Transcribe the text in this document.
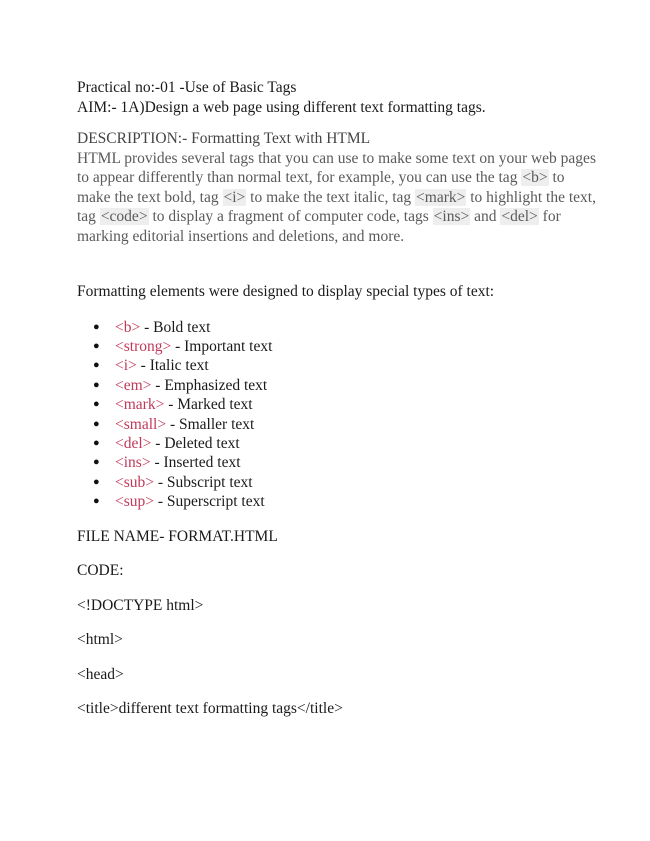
Practical no:-01 -Use of Basic Tags
AIM:- 1A)Design a web page using different text formatting tags.
DESCRIPTION:- Formatting Text with HTML
HTML provides several tags that you can use to make some text on your web pages to appear differently than normal text, for example, you can use the tag <b> to make the text bold, tag <i> to make the text italic, tag <mark> to highlight the text, tag <code> to display a fragment of computer code, tags <ins> and <del> for marking editorial insertions and deletions, and more.
Formatting elements were designed to display special types of text:
● <b> - Bold text
● <strong> - Important text
● <i> - Italic text
● <em> - Emphasized text
● <mark> - Marked text
● <small> - Smaller text
● <del> - Deleted text
● <ins> - Inserted text
● <sub> - Subscript text
● <sup> - Superscript text
FILE NAME- FORMAT.HTML
CODE:
<!DOCTYPE html>
<html>
<head>
<title>different text formatting tags</title>
